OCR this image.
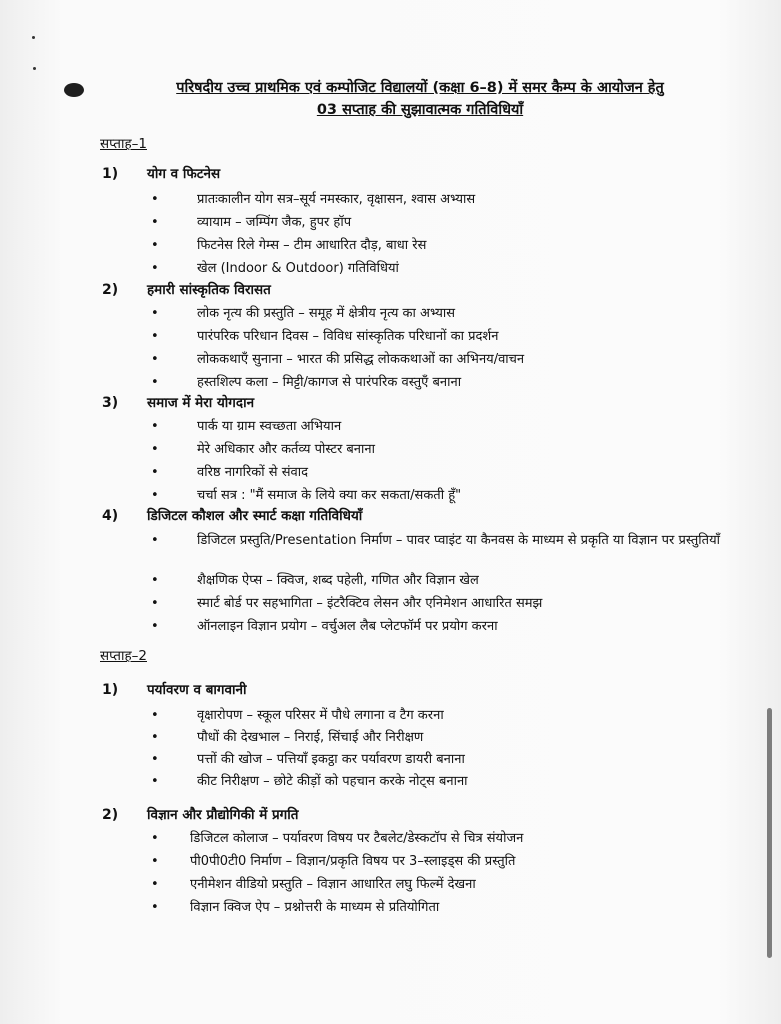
परिषदीय उच्च प्राथमिक एवं कम्पोजिट विद्यालयों (कक्षा 6–8) में समर कैम्प के आयोजन हेतु
03 सप्ताह की सुझावात्मक गतिविधियाँ
सप्ताह–1
1) योग व फिटनेस
•	प्रातःकालीन योग सत्र–सूर्य नमस्कार, वृक्षासन, श्वास अभ्यास
•	व्यायाम – जम्पिंग जैक, हुपर हॉप
•	फिटनेस रिले गेम्स – टीम आधारित दौड़, बाधा रेस
•	खेल (Indoor & Outdoor) गतिविधियां
2) हमारी सांस्कृतिक विरासत
•	लोक नृत्य की प्रस्तुति – समूह में क्षेत्रीय नृत्य का अभ्यास
•	पारंपरिक परिधान दिवस – विविध सांस्कृतिक परिधानों का प्रदर्शन
•	लोककथाएँ सुनाना – भारत की प्रसिद्ध लोककथाओं का अभिनय/वाचन
•	हस्तशिल्प कला – मिट्टी/कागज से पारंपरिक वस्तुएँ बनाना
3) समाज में मेरा योगदान
•	पार्क या ग्राम स्वच्छता अभियान
•	मेरे अधिकार और कर्तव्य पोस्टर बनाना
•	वरिष्ठ नागरिकों से संवाद
•	चर्चा सत्र : "मैं समाज के लिये क्या कर सकता/सकती हूँ"
4) डिजिटल कौशल और स्मार्ट कक्षा गतिविधियाँ
•	डिजिटल प्रस्तुति/Presentation निर्माण – पावर प्वाइंट या कैनवस के माध्यम से प्रकृति या विज्ञान पर प्रस्तुतियाँ
•	शैक्षणिक ऐप्स – क्विज, शब्द पहेली, गणित और विज्ञान खेल
•	स्मार्ट बोर्ड पर सहभागिता – इंटरैक्टिव लेसन और एनिमेशन आधारित समझ
•	ऑनलाइन विज्ञान प्रयोग – वर्चुअल लैब प्लेटफॉर्म पर प्रयोग करना
सप्ताह–2
1) पर्यावरण व बागवानी
•	वृक्षारोपण – स्कूल परिसर में पौधे लगाना व टैग करना
•	पौधों की देखभाल – निराई, सिंचाई और निरीक्षण
•	पत्तों की खोज – पत्तियाँ इकट्ठा कर पर्यावरण डायरी बनाना
•	कीट निरीक्षण – छोटे कीड़ों को पहचान करके नोट्स बनाना
2) विज्ञान और प्रौद्योगिकी में प्रगति
• डिजिटल कोलाज – पर्यावरण विषय पर टैबलेट/डेस्कटॉप से चित्र संयोजन
• पी0पी0टी0 निर्माण – विज्ञान/प्रकृति विषय पर 3–स्लाइड्स की प्रस्तुति
• एनीमेशन वीडियो प्रस्तुति – विज्ञान आधारित लघु फिल्में देखना
• विज्ञान क्विज ऐप – प्रश्नोत्तरी के माध्यम से प्रतियोगिता
